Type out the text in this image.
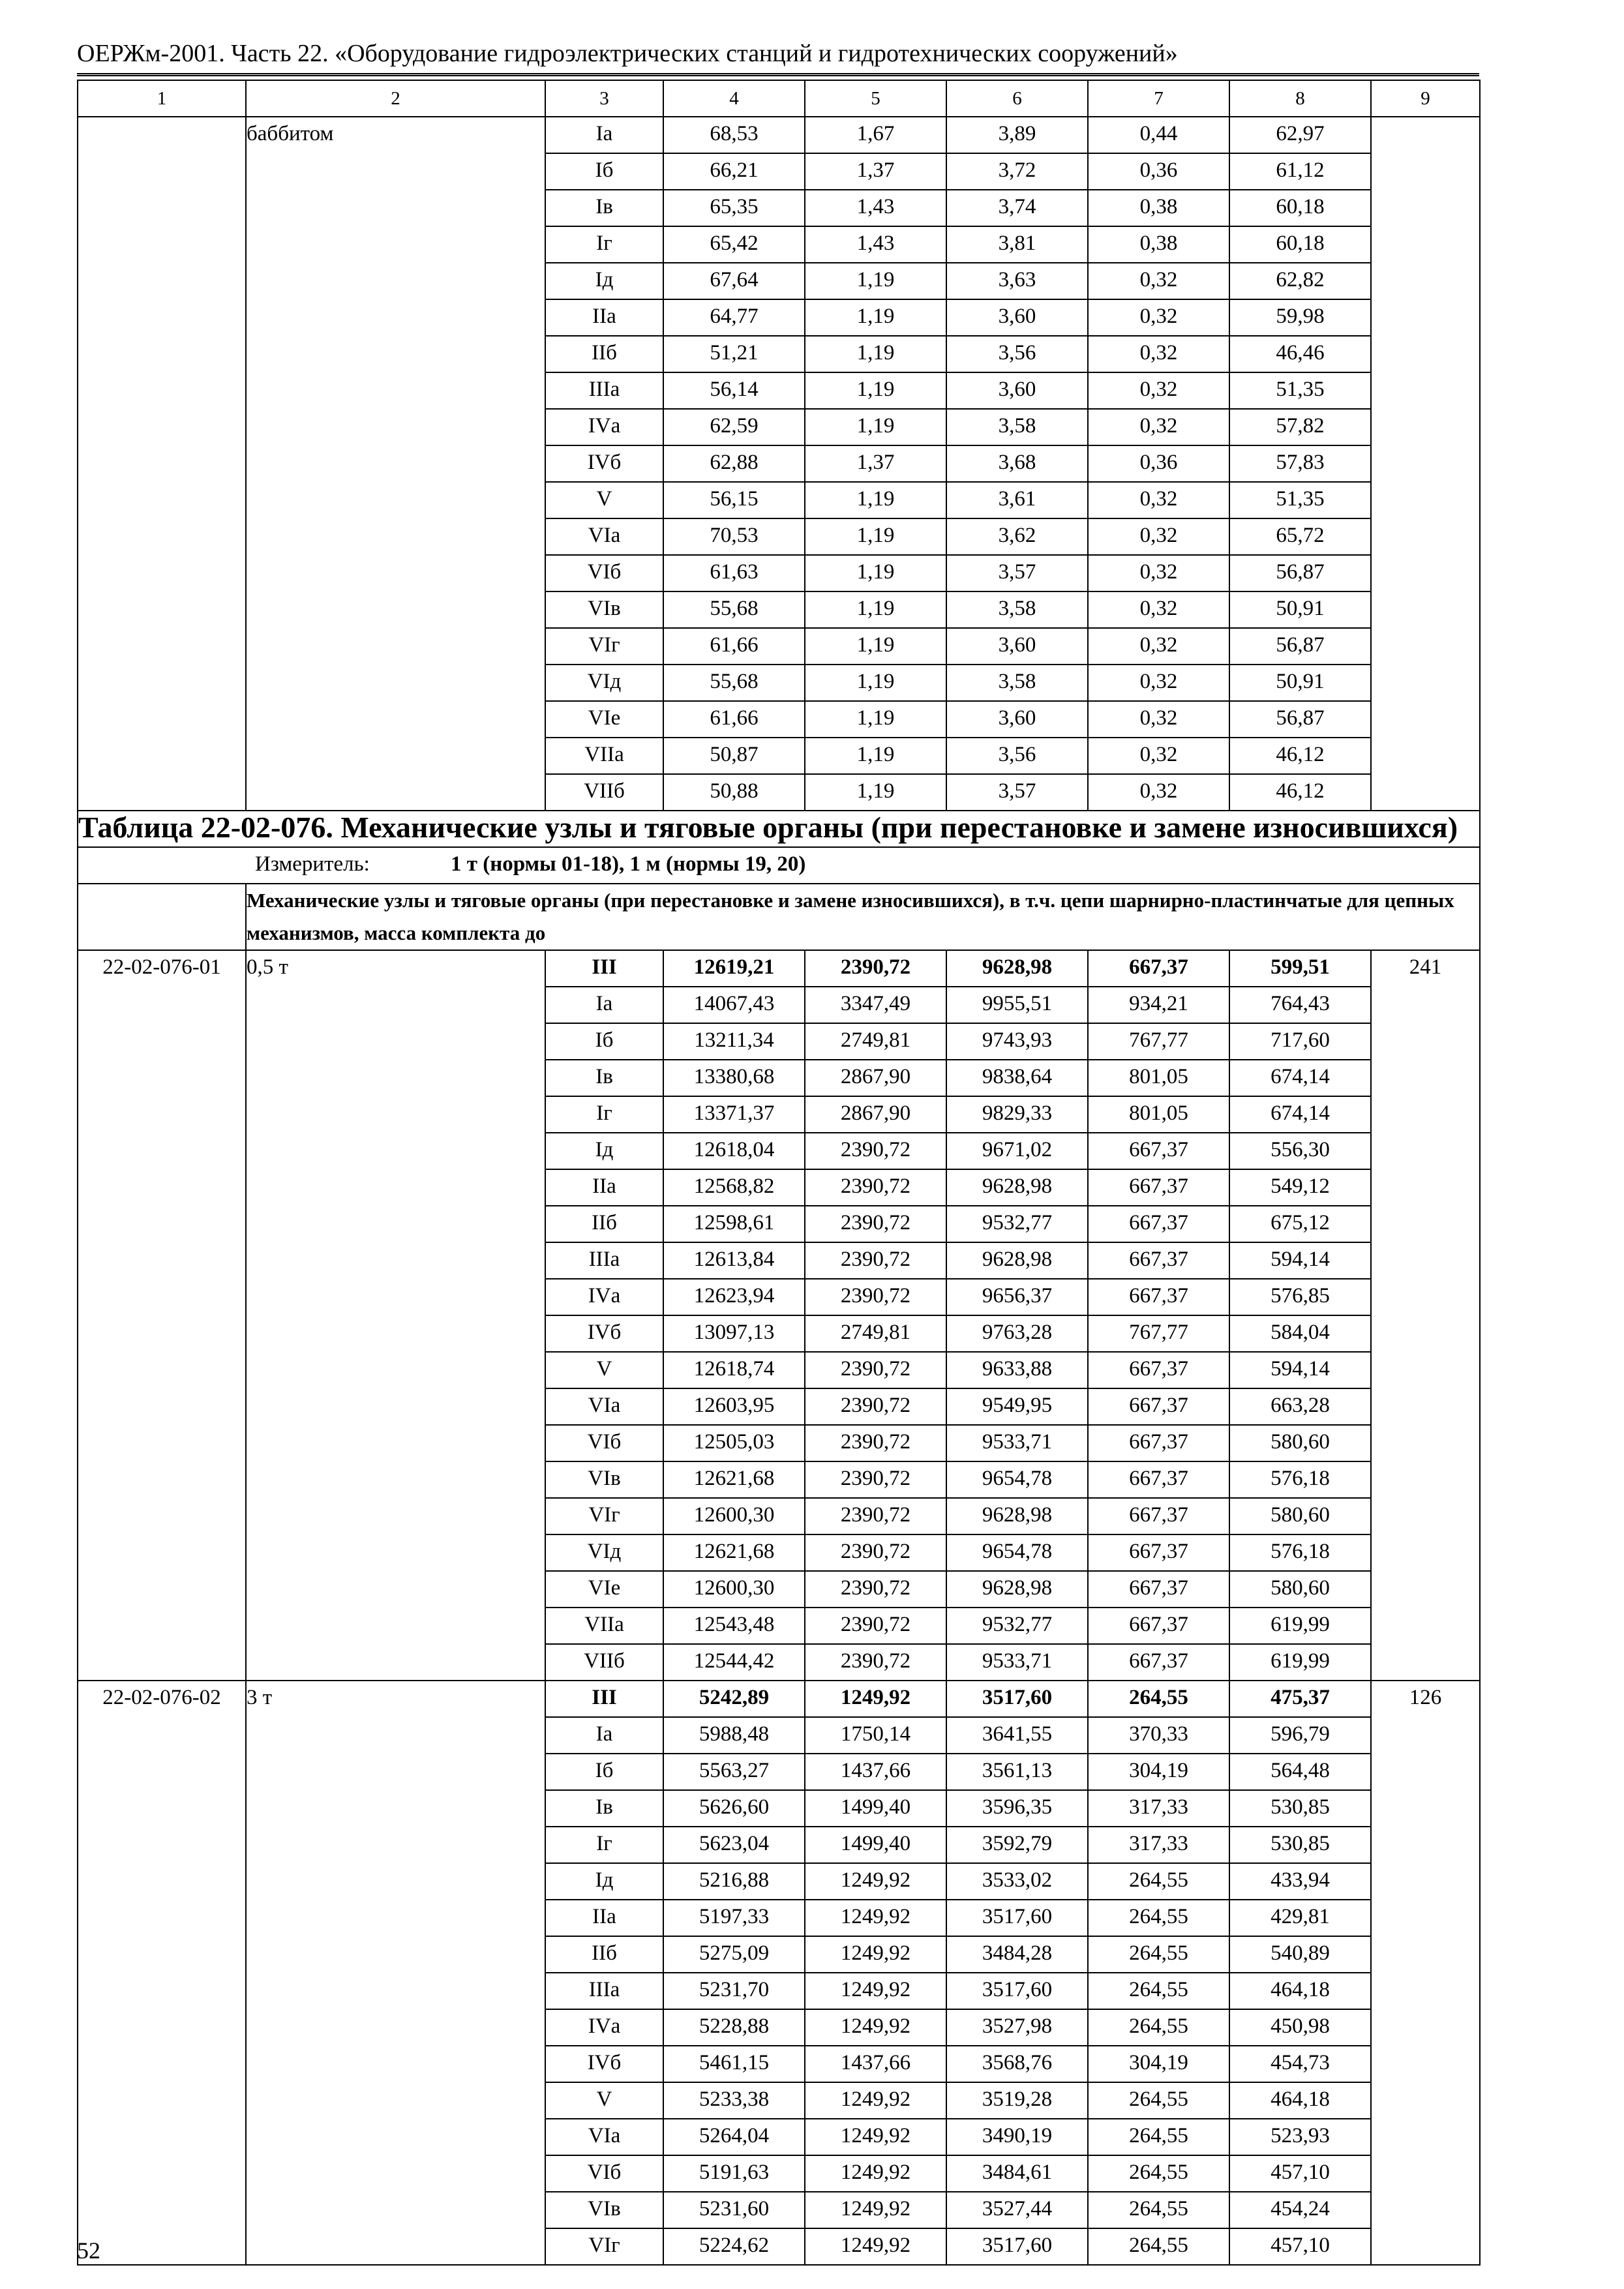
ОЕРЖм-2001. Часть 22. «Оборудование гидроэлектрических станций и гидротехнических сооружений»
1	2	3	4	5	6	7	8	9
	баббитом	Iа	68,53	1,67	3,89	0,44	62,97	
		Iб	66,21	1,37	3,72	0,36	61,12	
		Iв	65,35	1,43	3,74	0,38	60,18	
		Iг	65,42	1,43	3,81	0,38	60,18	
		Iд	67,64	1,19	3,63	0,32	62,82	
		IIа	64,77	1,19	3,60	0,32	59,98	
		IIб	51,21	1,19	3,56	0,32	46,46	
		IIIа	56,14	1,19	3,60	0,32	51,35	
		IVа	62,59	1,19	3,58	0,32	57,82	
		IVб	62,88	1,37	3,68	0,36	57,83	
		V	56,15	1,19	3,61	0,32	51,35	
		VIа	70,53	1,19	3,62	0,32	65,72	
		VIб	61,63	1,19	3,57	0,32	56,87	
		VIв	55,68	1,19	3,58	0,32	50,91	
		VIг	61,66	1,19	3,60	0,32	56,87	
		VIд	55,68	1,19	3,58	0,32	50,91	
		VIе	61,66	1,19	3,60	0,32	56,87	
		VIIа	50,87	1,19	3,56	0,32	46,12	
		VIIб	50,88	1,19	3,57	0,32	46,12	
Таблица 22-02-076. Механические узлы и тяговые органы (при перестановке и замене износившихся)								
Измеритель: 1 т (нормы 01-18), 1 м (нормы 19, 20)								
	Механические узлы и тяговые органы (при перестановке и замене износившихся), в т.ч. цепи шарнирно-пластинчатые для цепных механизмов, масса комплекта до							
22-02-076-01	0,5 т	III	12619,21	2390,72	9628,98	667,37	599,51	241
		Iа	14067,43	3347,49	9955,51	934,21	764,43	
		Iб	13211,34	2749,81	9743,93	767,77	717,60	
		Iв	13380,68	2867,90	9838,64	801,05	674,14	
		Iг	13371,37	2867,90	9829,33	801,05	674,14	
		Iд	12618,04	2390,72	9671,02	667,37	556,30	
		IIа	12568,82	2390,72	9628,98	667,37	549,12	
		IIб	12598,61	2390,72	9532,77	667,37	675,12	
		IIIа	12613,84	2390,72	9628,98	667,37	594,14	
		IVа	12623,94	2390,72	9656,37	667,37	576,85	
		IVб	13097,13	2749,81	9763,28	767,77	584,04	
		V	12618,74	2390,72	9633,88	667,37	594,14	
		VIа	12603,95	2390,72	9549,95	667,37	663,28	
		VIб	12505,03	2390,72	9533,71	667,37	580,60	
		VIв	12621,68	2390,72	9654,78	667,37	576,18	
		VIг	12600,30	2390,72	9628,98	667,37	580,60	
		VIд	12621,68	2390,72	9654,78	667,37	576,18	
		VIе	12600,30	2390,72	9628,98	667,37	580,60	
		VIIа	12543,48	2390,72	9532,77	667,37	619,99	
		VIIб	12544,42	2390,72	9533,71	667,37	619,99	
22-02-076-02	3 т	III	5242,89	1249,92	3517,60	264,55	475,37	126
		Iа	5988,48	1750,14	3641,55	370,33	596,79	
		Iб	5563,27	1437,66	3561,13	304,19	564,48	
		Iв	5626,60	1499,40	3596,35	317,33	530,85	
		Iг	5623,04	1499,40	3592,79	317,33	530,85	
		Iд	5216,88	1249,92	3533,02	264,55	433,94	
		IIа	5197,33	1249,92	3517,60	264,55	429,81	
		IIб	5275,09	1249,92	3484,28	264,55	540,89	
		IIIа	5231,70	1249,92	3517,60	264,55	464,18	
		IVа	5228,88	1249,92	3527,98	264,55	450,98	
		IVб	5461,15	1437,66	3568,76	304,19	454,73	
		V	5233,38	1249,92	3519,28	264,55	464,18	
		VIа	5264,04	1249,92	3490,19	264,55	523,93	
		VIб	5191,63	1249,92	3484,61	264,55	457,10	
		VIв	5231,60	1249,92	3527,44	264,55	454,24	
		VIг	5224,62	1249,92	3517,60	264,55	457,10	
52
